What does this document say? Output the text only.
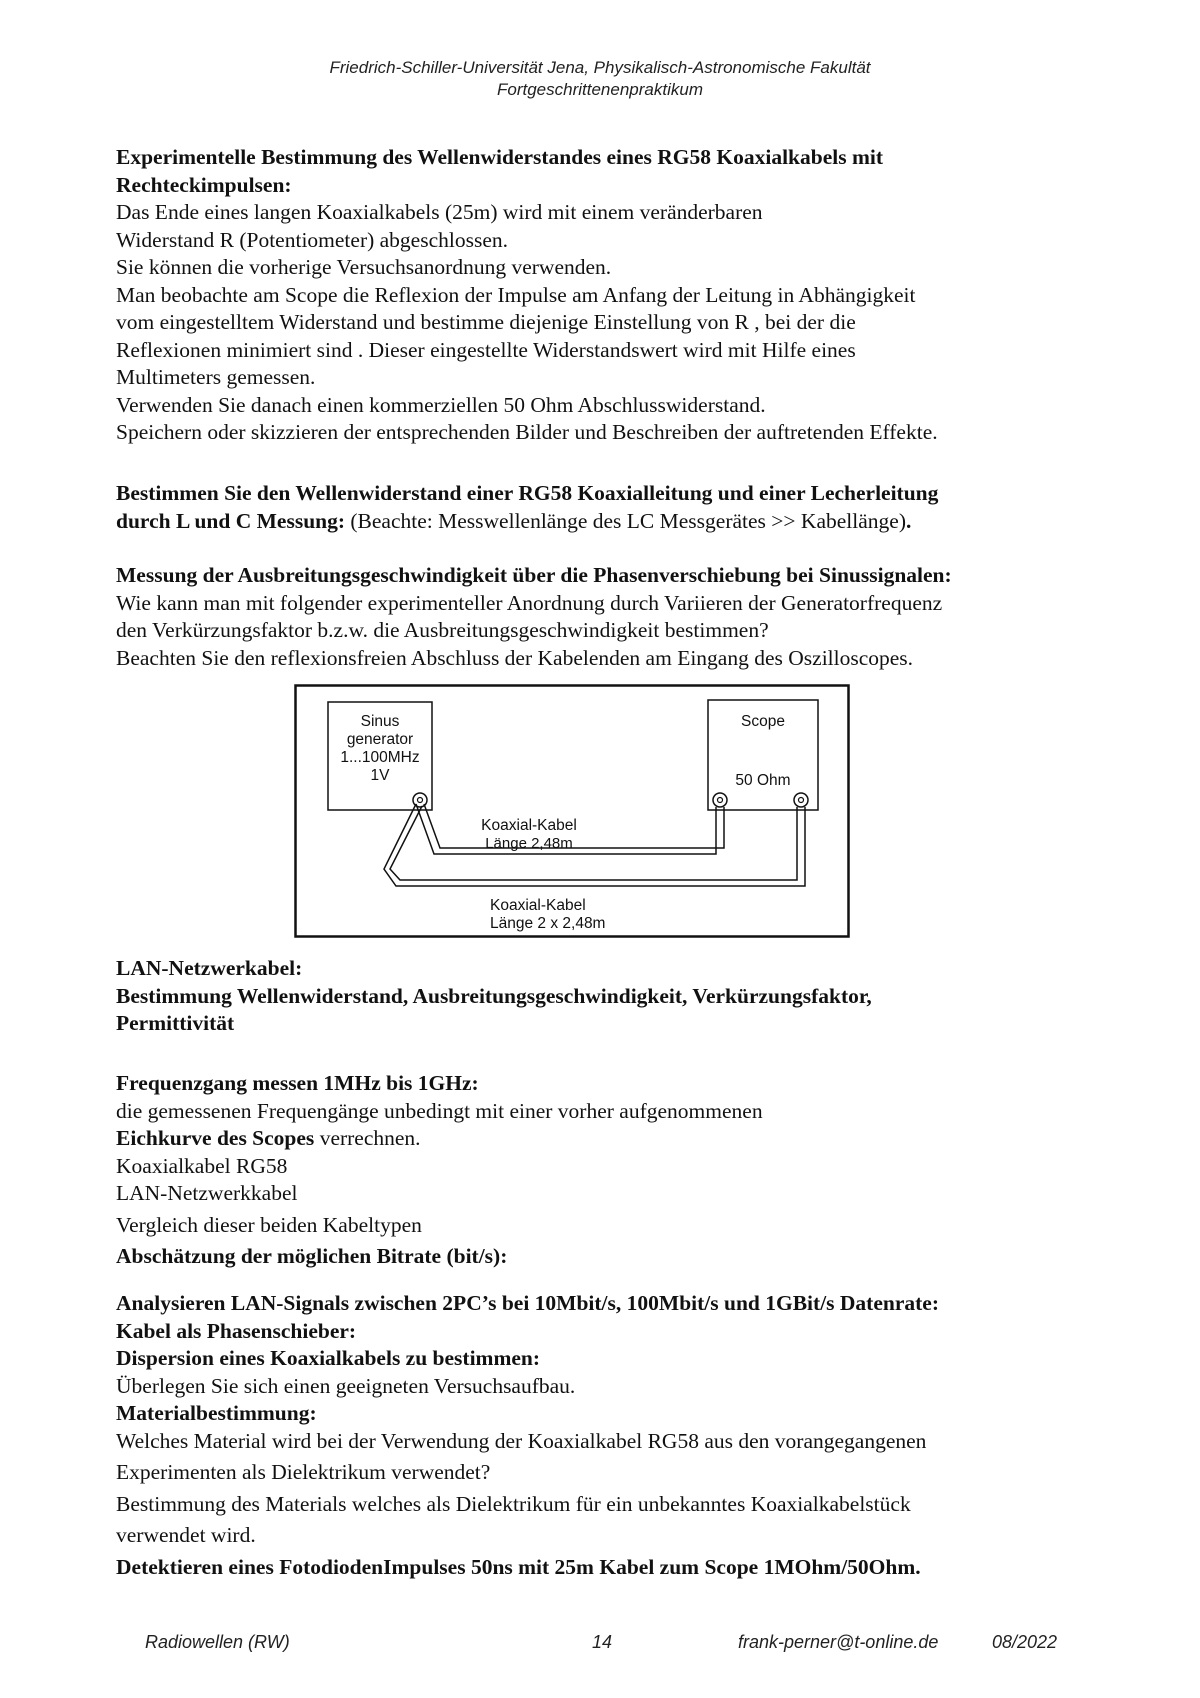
Friedrich-Schiller-Universität Jena, Physikalisch-Astronomische Fakultät
Fortgeschrittenenpraktikum
Experimentelle Bestimmung des Wellenwiderstandes eines RG58 Koaxialkabels mit
Rechteckimpulsen:
Das Ende eines langen Koaxialkabels (25m) wird mit einem veränderbaren
Widerstand R (Potentiometer) abgeschlossen.
Sie können die vorherige Versuchsanordnung verwenden.
Man beobachte am Scope die Reflexion der Impulse am Anfang der Leitung in Abhängigkeit
vom eingestelltem Widerstand und bestimme diejenige Einstellung von R , bei der die
Reflexionen minimiert sind . Dieser eingestellte Widerstandswert wird mit Hilfe eines
Multimeters gemessen.
Verwenden Sie danach einen kommerziellen 50 Ohm Abschlusswiderstand.
Speichern oder skizzieren der entsprechenden Bilder und Beschreiben der auftretenden Effekte.
Bestimmen Sie den Wellenwiderstand einer RG58 Koaxialleitung und einer Lecherleitung
durch L und C Messung: (Beachte: Messwellenlänge des LC Messgerätes >> Kabellänge).
Messung der Ausbreitungsgeschwindigkeit über die Phasenverschiebung bei Sinussignalen:
Wie kann man mit folgender experimenteller Anordnung durch Variieren der Generatorfrequenz
den Verkürzungsfaktor b.z.w. die Ausbreitungsgeschwindigkeit bestimmen?
Beachten Sie den reflexionsfreien Abschluss der Kabelenden am Eingang des Oszilloscopes.
Sinus
generator
1...100MHz
1V
Scope
50 Ohm
Koaxial-Kabel
Länge 2,48m
Koaxial-Kabel
Länge 2 x 2,48m
LAN-Netzwerkabel:
Bestimmung Wellenwiderstand, Ausbreitungsgeschwindigkeit, Verkürzungsfaktor,
Permittivität
Frequenzgang messen 1MHz bis 1GHz:
die gemessenen Frequengänge unbedingt mit einer vorher aufgenommenen
Eichkurve des Scopes verrechnen.
Koaxialkabel RG58
LAN-Netzwerkkabel
Vergleich dieser beiden Kabeltypen
Abschätzung der möglichen Bitrate (bit/s):
Analysieren LAN-Signals zwischen 2PC’s bei 10Mbit/s, 100Mbit/s und 1GBit/s Datenrate:
Kabel als Phasenschieber:
Dispersion eines Koaxialkabels zu bestimmen:
Überlegen Sie sich einen geeigneten Versuchsaufbau.
Materialbestimmung:
Welches Material wird bei der Verwendung der Koaxialkabel RG58 aus den vorangegangenen
Experimenten als Dielektrikum verwendet?
Bestimmung des Materials welches als Dielektrikum für ein unbekanntes Koaxialkabelstück
verwendet wird.
Detektieren eines FotodiodenImpulses 50ns mit 25m Kabel zum Scope 1MOhm/50Ohm.
Radiowellen (RW)	14	frank-perner@t-online.de	08/2022
